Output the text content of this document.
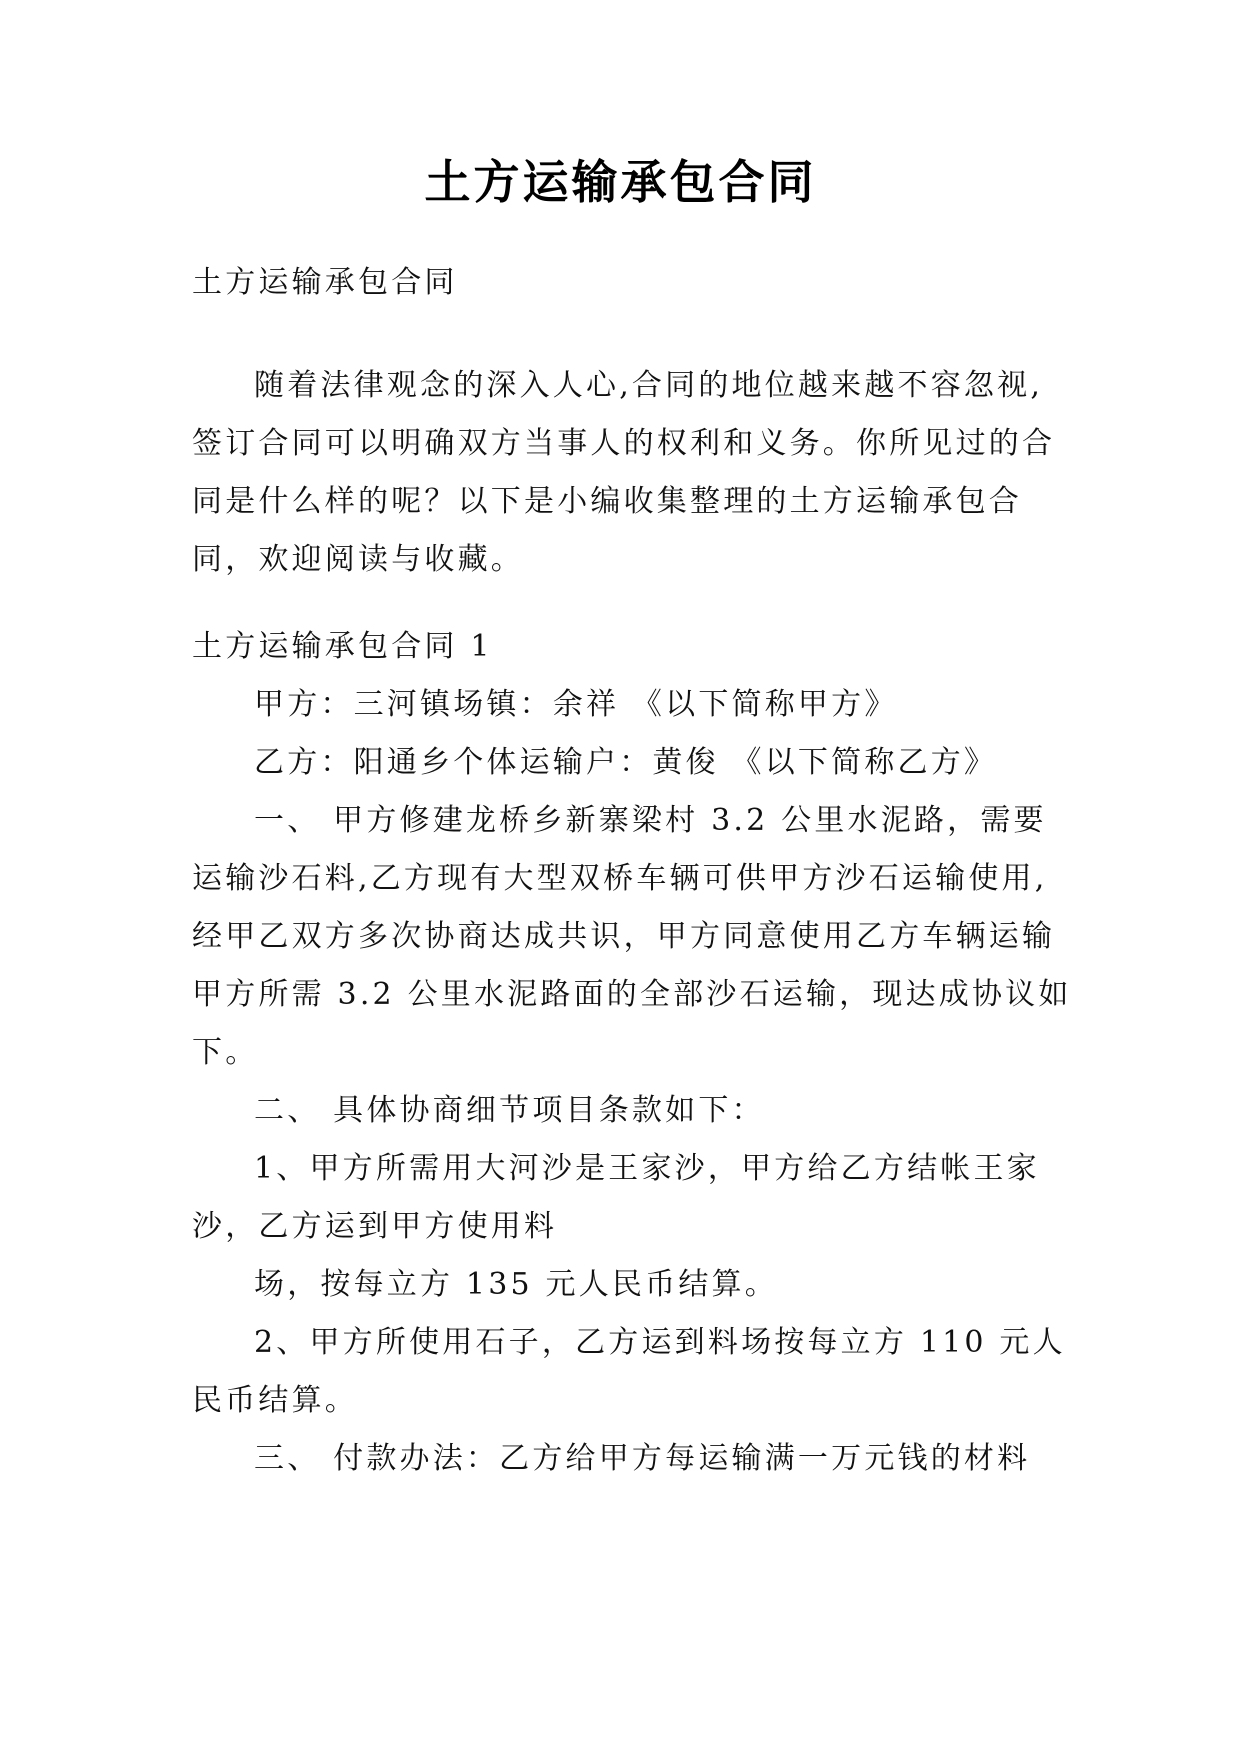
土方运输承包合同
土方运输承包合同
随着法律观念的深入人心,合同的地位越来越不容忽视,
签订合同可以明确双方当事人的权利和义务。你所见过的合
同是什么样的呢？以下是小编收集整理的土方运输承包合
同，欢迎阅读与收藏。
土方运输承包合同 1
甲方：三河镇场镇：余祥 《以下简称甲方》
乙方：阳通乡个体运输户：黄俊 《以下简称乙方》
一、 甲方修建龙桥乡新寨梁村 3.2 公里水泥路，需要
运输沙石料,乙方现有大型双桥车辆可供甲方沙石运输使用,
经甲乙双方多次协商达成共识，甲方同意使用乙方车辆运输
甲方所需 3.2 公里水泥路面的全部沙石运输，现达成协议如
下。
二、 具体协商细节项目条款如下：
1、甲方所需用大河沙是王家沙，甲方给乙方结帐王家
沙，乙方运到甲方使用料
场，按每立方 135 元人民币结算。
2、甲方所使用石子，乙方运到料场按每立方 110 元人
民币结算。
三、 付款办法：乙方给甲方每运输满一万元钱的材料
